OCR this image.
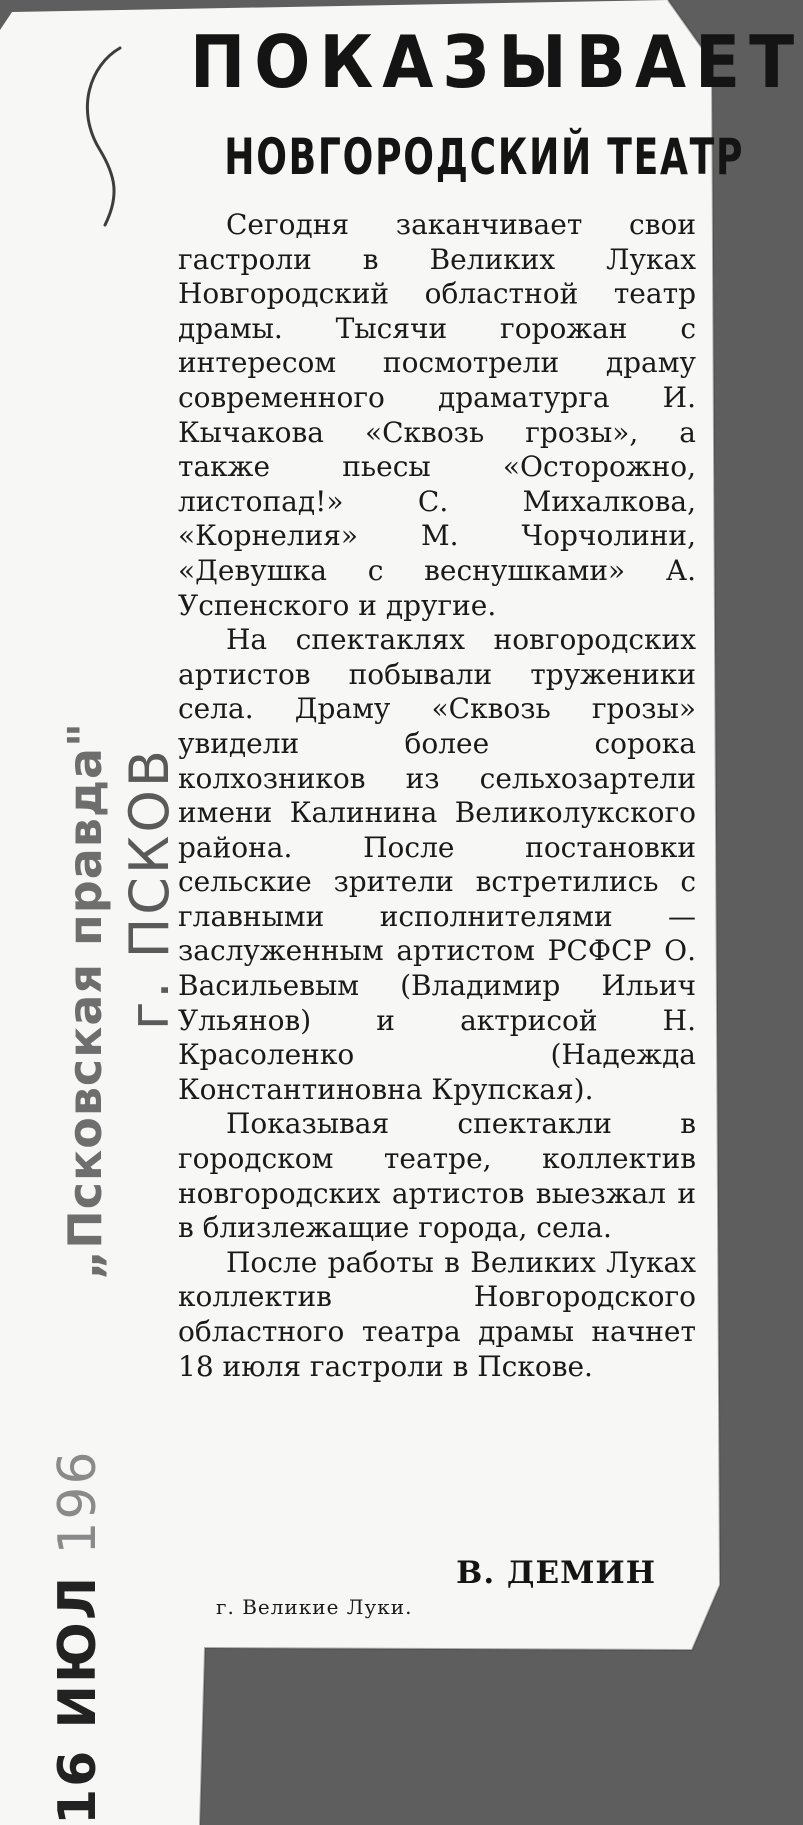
ПОКАЗЫВАЕТ
НОВГОРОДСКИЙ ТЕАТР

Сегодня заканчивает свои гастроли в Великих Луках Новгородский областной театр драмы. Тысячи горожан с интересом посмотрели драму современного драматурга И. Кычакова «Сквозь грозы», а также пьесы «Осторожно, листопад!» С. Михалкова, «Корнелия» М. Чорчолини, «Девушка с веснушками» А. Успенского и другие.

На спектаклях новгородских артистов побывали труженики села. Драму «Сквозь грозы» увидели более сорока колхозников из сельхозартели имени Калинина Великолукского района. После постановки сельские зрители встретились с главными исполнителями — заслуженным артистом РСФСР О. Васильевым (Владимир Ильич Ульянов) и актрисой Н. Красоленко (Надежда Константиновна Крупская).

Показывая спектакли в городском театре, коллектив новгородских артистов выезжал и в близлежащие города, села.

После работы в Великих Луках коллектив Новгородского областного театра драмы начнет 18 июля гастроли в Пскове.

В. ДЕМИН
г. Великие Луки.
„Псковская правда" г. ПСКОВ
16 ИЮЛ 196
